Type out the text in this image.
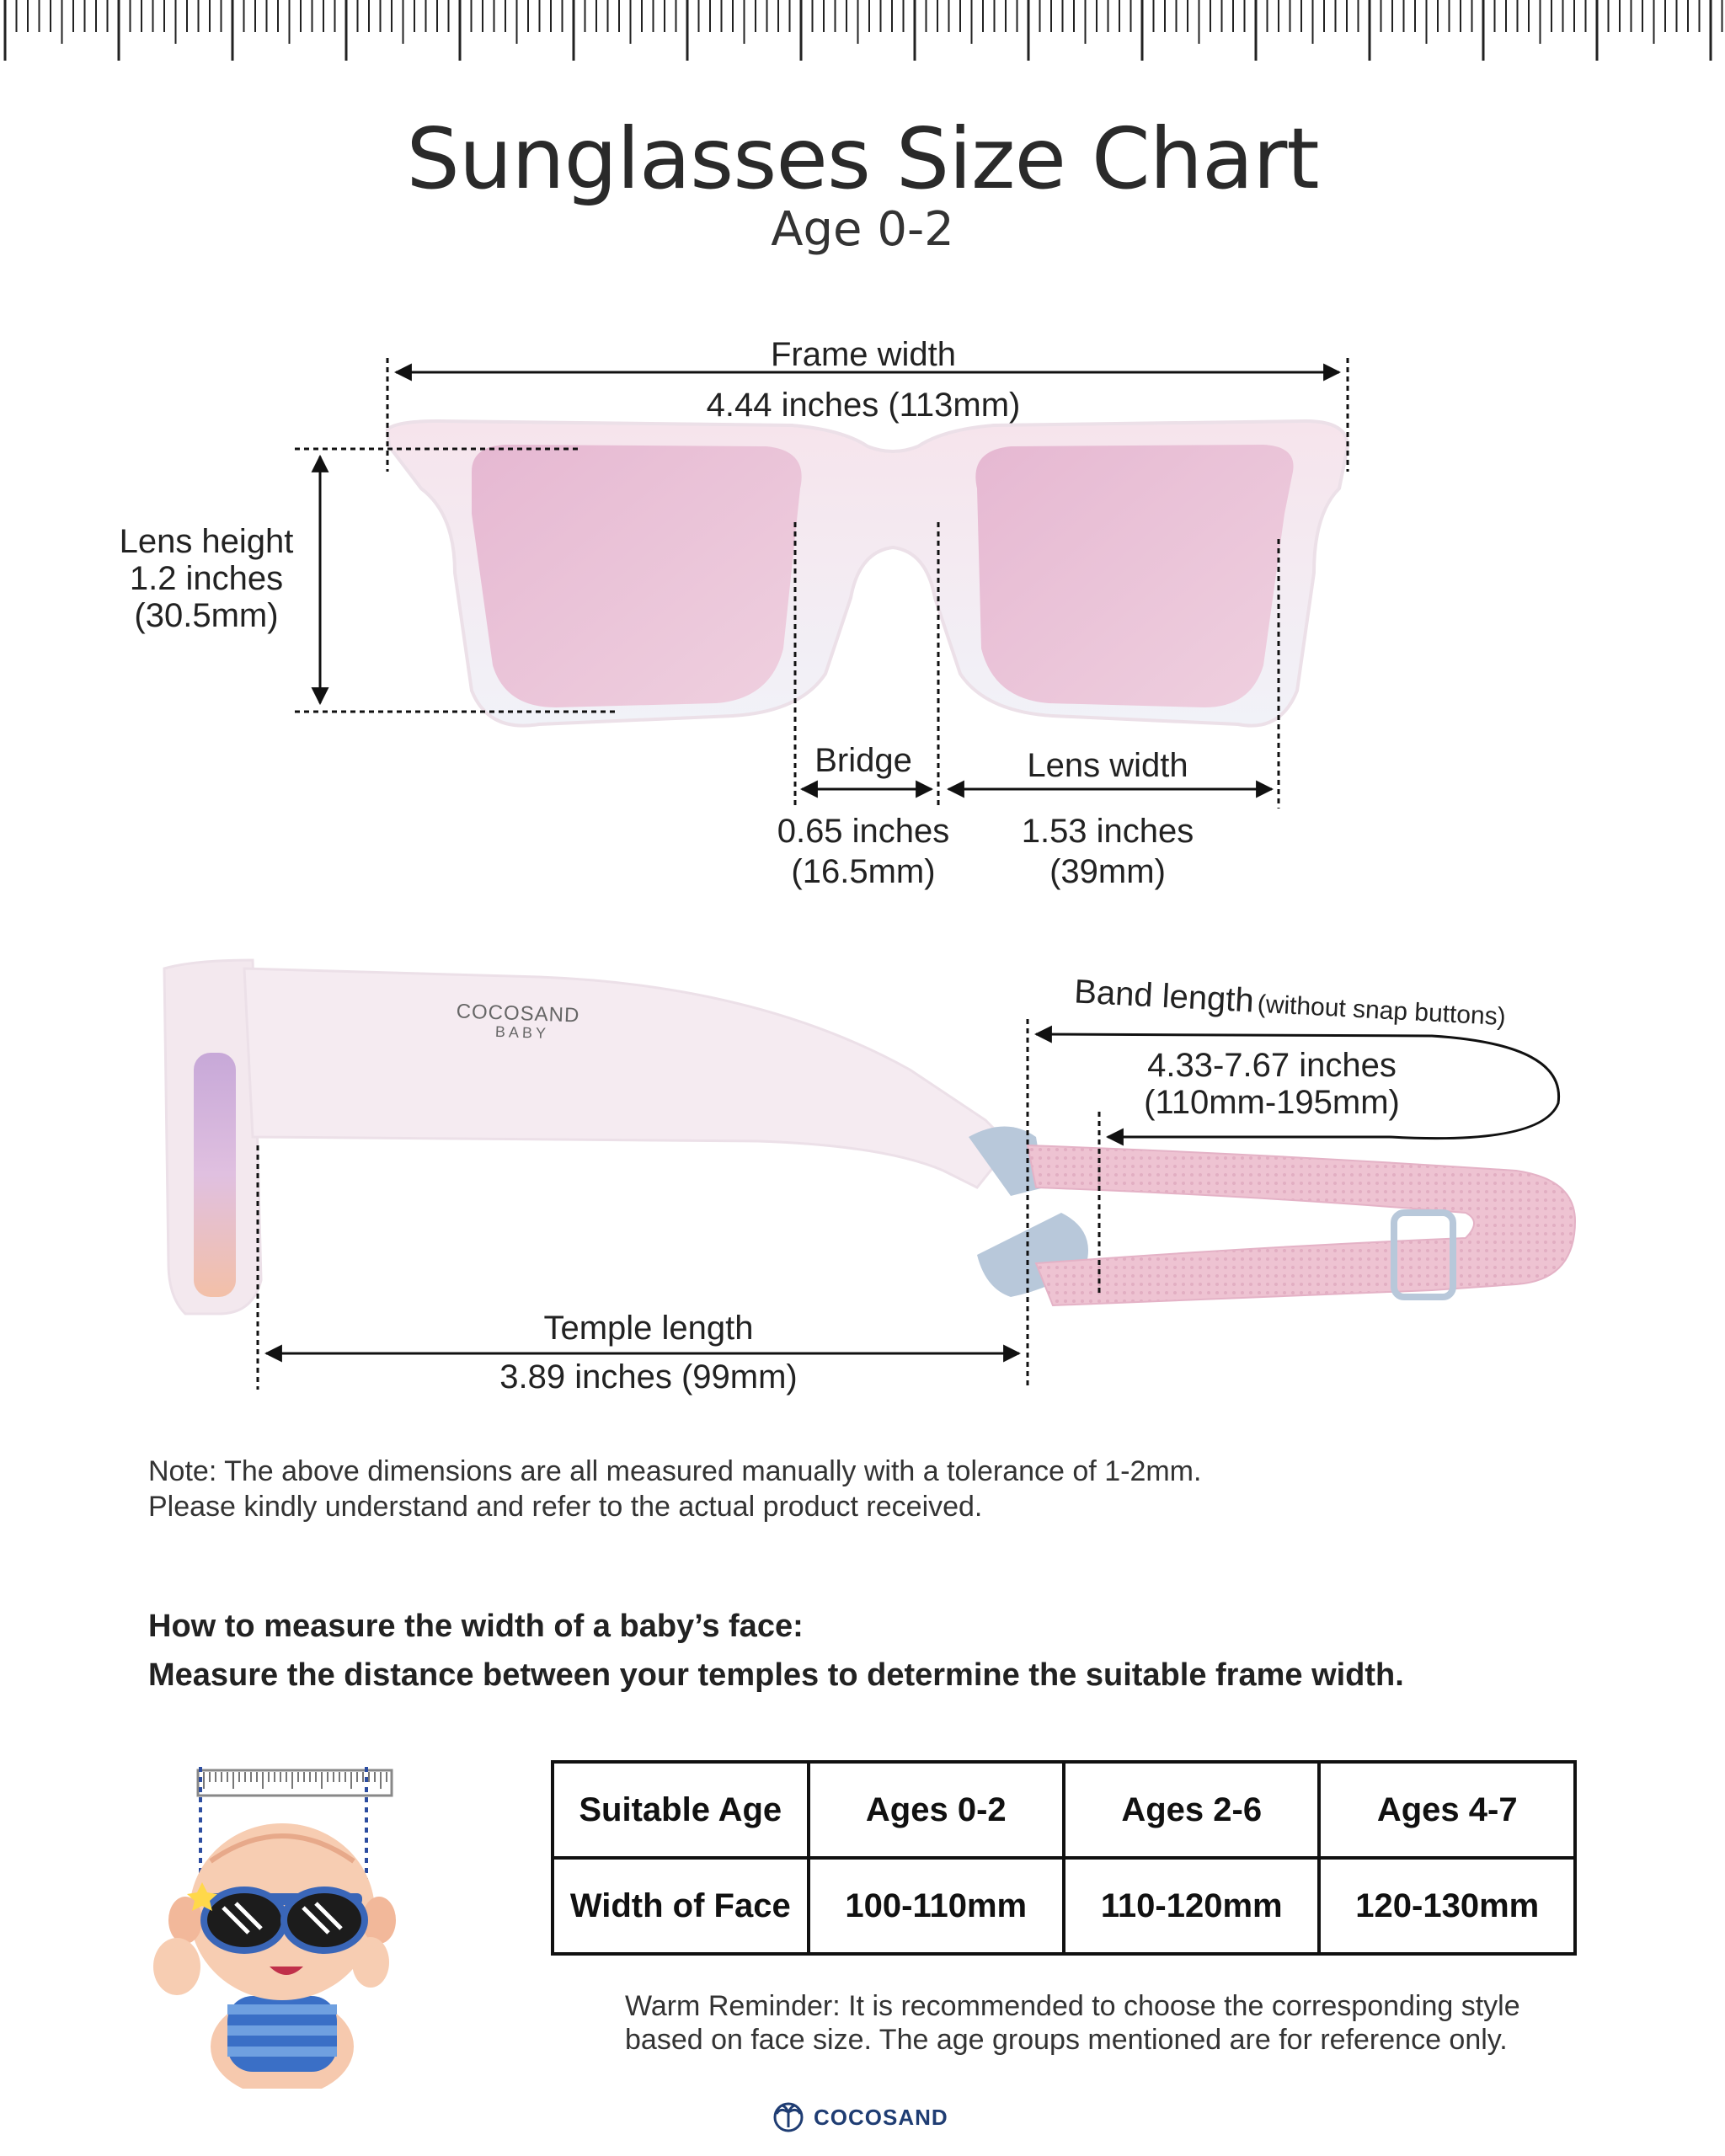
Sunglasses Size Chart
Age 0-2
Frame width
4.44 inches (113mm)
Lens height
1.2 inches
(30.5mm)
Bridge
0.65 inches
(16.5mm)
Lens width
1.53 inches
(39mm)
COCOSAND
BABY
Band length (without snap buttons)
4.33-7.67 inches
(110mm-195mm)
Temple length
3.89 inches (99mm)
Note: The above dimensions are all measured manually with a tolerance of 1-2mm.
Please kindly understand and refer to the actual product received.
How to measure the width of a baby’s face:
Measure the distance between your temples to determine the suitable frame width.
Suitable Age	Ages 0-2	Ages 2-6	Ages 4-7
Width of Face	100-110mm	110-120mm	120-130mm
Warm Reminder: It is recommended to choose the corresponding style
based on face size. The age groups mentioned are for reference only.
COCOSAND
